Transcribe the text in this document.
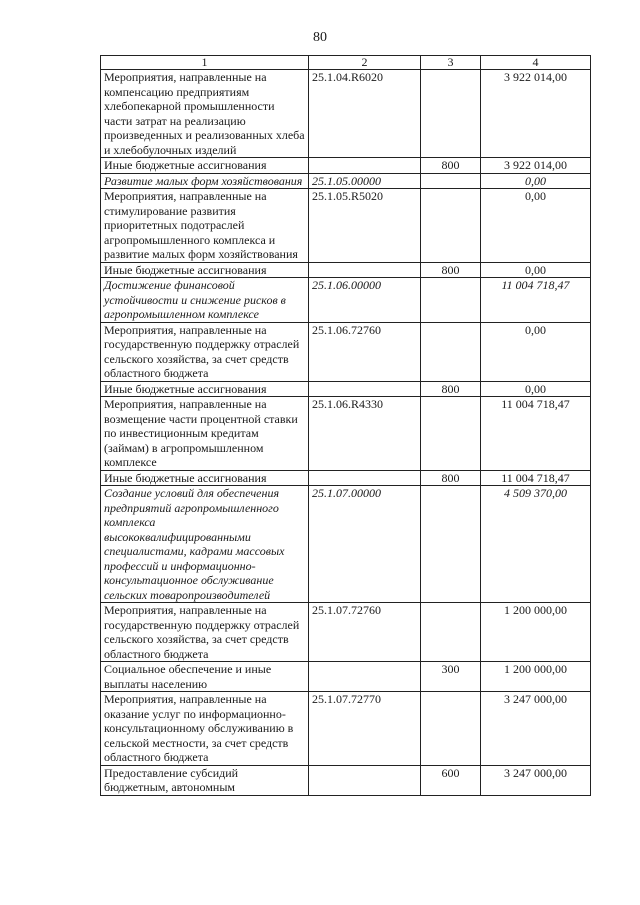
80
1	2	3	4
Мероприятия, направленные на компенсацию предприятиям хлебопекарной промышленности части затрат на реализацию произведенных и реализованных хлеба и хлебобулочных изделий	25.1.04.R6020		3 922 014,00
Иные бюджетные ассигнования		800	3 922 014,00
Развитие малых форм хозяйствования	25.1.05.00000		0,00
Мероприятия, направленные на стимулирование развития приоритетных подотраслей агропромышленного комплекса и развитие малых форм хозяйствования	25.1.05.R5020		0,00
Иные бюджетные ассигнования		800	0,00
Достижение финансовой устойчивости и снижение рисков в агропромышленном комплексе	25.1.06.00000		11 004 718,47
Мероприятия, направленные на государственную поддержку отраслей сельского хозяйства, за счет средств областного бюджета	25.1.06.72760		0,00
Иные бюджетные ассигнования		800	0,00
Мероприятия, направленные на возмещение части процентной ставки по инвестиционным кредитам (займам) в агропромышленном комплексе	25.1.06.R4330		11 004 718,47
Иные бюджетные ассигнования		800	11 004 718,47
Создание условий для обеспечения предприятий агропромышленного комплекса высококвалифицированными специалистами, кадрами массовых профессий и информационно-консультационное обслуживание сельских товаропроизводителей	25.1.07.00000		4 509 370,00
Мероприятия, направленные на государственную поддержку отраслей сельского хозяйства, за счет средств областного бюджета	25.1.07.72760		1 200 000,00
Социальное обеспечение и иные выплаты населению		300	1 200 000,00
Мероприятия, направленные на оказание услуг по информационно-консультационному обслуживанию в сельской местности, за счет средств областного бюджета	25.1.07.72770		3 247 000,00
Предоставление субсидий бюджетным, автономным		600	3 247 000,00
